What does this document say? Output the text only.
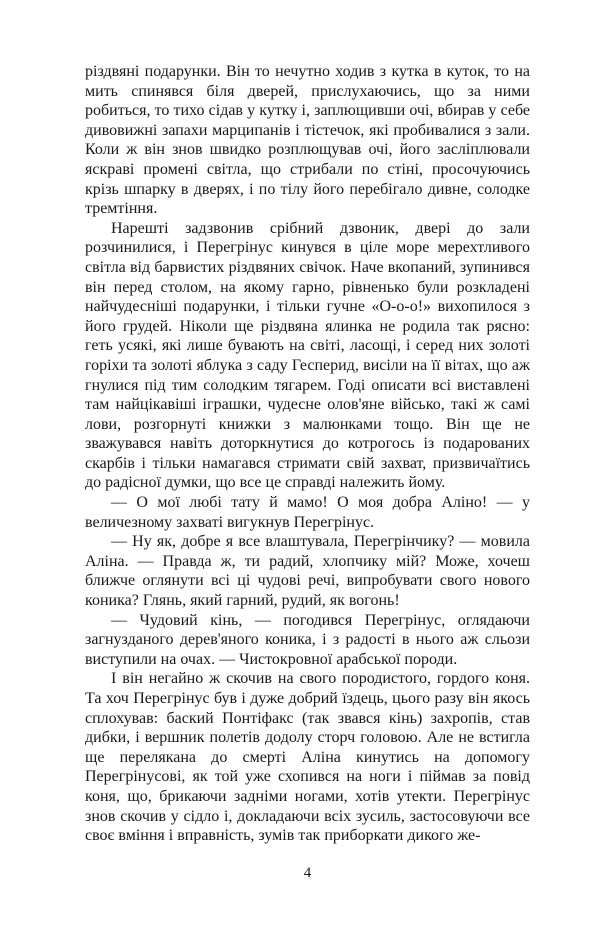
різдвяні подарунки. Він то нечутно ходив з кутка в куток, то на мить спинявся біля дверей, прислухаючись, що за ними робиться, то тихо сідав у кутку і, заплющивши очі, вбирав у себе дивовижні запахи марципанів і тістечок, які пробивалися з зали. Коли ж він знов швидко розплющував очі, його засліплювали яскраві промені світла, що стрибали по стіні, просочуючись крізь шпарку в дверях, і по тілу його перебігало дивне, солодке тремтіння.

Нарешті задзвонив срібний дзвоник, двері до зали розчинилися, і Перегрінус кинувся в ціле море мерехтливого світла від барвистих різдвяних свічок. Наче вкопаний, зупинився він перед столом, на якому гарно, рівненько були розкладені найчудесніші подарунки, і тільки гучне «О-о-о!» вихопилося з його грудей. Ніколи ще різдвяна ялинка не родила так рясно: геть усякі, які лише бувають на світі, ласощі, і серед них золоті горіхи та золоті яблука з саду Гесперид, висіли на її вітах, що аж гнулися під тим солодким тягарем. Годі описати всі виставлені там найцікавіші іграшки, чудесне олов'яне військо, такі ж самі лови, розгорнуті книжки з малюнками тощо. Він ще не зважувався навіть доторкнутися до котрогось із подарованих скарбів і тільки намагався стримати свій захват, призвичаїтись до радісної думки, що все це справді належить йому.

— О мої любі тату й мамо! О моя добра Аліно! — у величезному захваті вигукнув Перегрінус.

— Ну як, добре я все влаштувала, Перегрінчику? — мовила Аліна. — Правда ж, ти радий, хлопчику мій? Може, хочеш ближче оглянути всі ці чудові речі, випробувати свого нового коника? Глянь, який гарний, рудий, як вогонь!

— Чудовий кінь, — погодився Перегрінус, оглядаючи загнузданого дерев'яного коника, і з радості в нього аж сльози виступили на очах. — Чистокровної арабської породи.

І він негайно ж скочив на свого породистого, гордого коня. Та хоч Перегрінус був і дуже добрий їздець, цього разу він якось сплохував: баский Понтіфакс (так звався кінь) захропів, став дибки, і вершник полетів додолу сторч головою. Але не встигла ще перелякана до смерті Аліна кинутись на допомогу Перегрінусові, як той уже схопився на ноги і піймав за повід коня, що, брикаючи задніми ногами, хотів утекти. Перегрінус знов скочив у сідло і, докладаючи всіх зусиль, застосовуючи все своє вміння і вправність, зумів так приборкати дикого же-

4
